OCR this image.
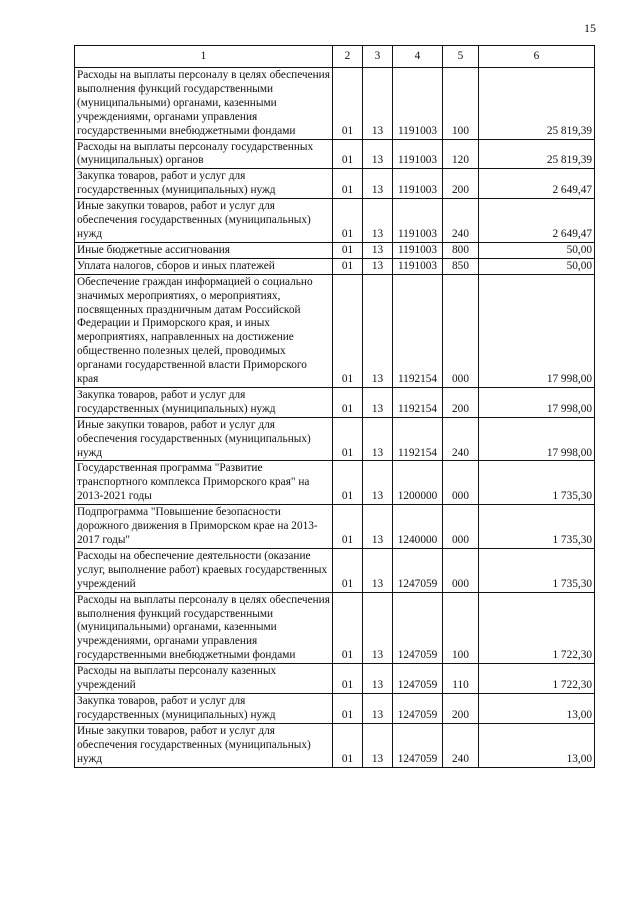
15
1	2	3	4	5	6
Расходы на выплаты персоналу в целях обеспечения выполнения функций государственными (муниципальными) органами, казенными учреждениями, органами управления государственными внебюджетными фондами	01	13	1191003	100	25 819,39
Расходы на выплаты персоналу государственных (муниципальных) органов	01	13	1191003	120	25 819,39
Закупка товаров, работ и услуг для государственных (муниципальных) нужд	01	13	1191003	200	2 649,47
Иные закупки товаров, работ и услуг для обеспечения государственных (муниципальных) нужд	01	13	1191003	240	2 649,47
Иные бюджетные ассигнования	01	13	1191003	800	50,00
Уплата налогов, сборов и иных платежей	01	13	1191003	850	50,00
Обеспечение граждан информацией о социально значимых мероприятиях, о мероприятиях, посвященных праздничным датам Российской Федерации и Приморского края, и иных мероприятиях, направленных на достижение общественно полезных целей, проводимых органами государственной власти Приморского края	01	13	1192154	000	17 998,00
Закупка товаров, работ и услуг для государственных (муниципальных) нужд	01	13	1192154	200	17 998,00
Иные закупки товаров, работ и услуг для обеспечения государственных (муниципальных) нужд	01	13	1192154	240	17 998,00
Государственная программа "Развитие транспортного комплекса Приморского края" на 2013-2021 годы	01	13	1200000	000	1 735,30
Подпрограмма "Повышение безопасности дорожного движения в Приморском крае на 2013-2017 годы"	01	13	1240000	000	1 735,30
Расходы на обеспечение деятельности (оказание услуг, выполнение работ) краевых государственных учреждений	01	13	1247059	000	1 735,30
Расходы на выплаты персоналу в целях обеспечения выполнения функций государственными (муниципальными) органами, казенными учреждениями, органами управления государственными внебюджетными фондами	01	13	1247059	100	1 722,30
Расходы на выплаты персоналу казенных учреждений	01	13	1247059	110	1 722,30
Закупка товаров, работ и услуг для государственных (муниципальных) нужд	01	13	1247059	200	13,00
Иные закупки товаров, работ и услуг для обеспечения государственных (муниципальных) нужд	01	13	1247059	240	13,00
